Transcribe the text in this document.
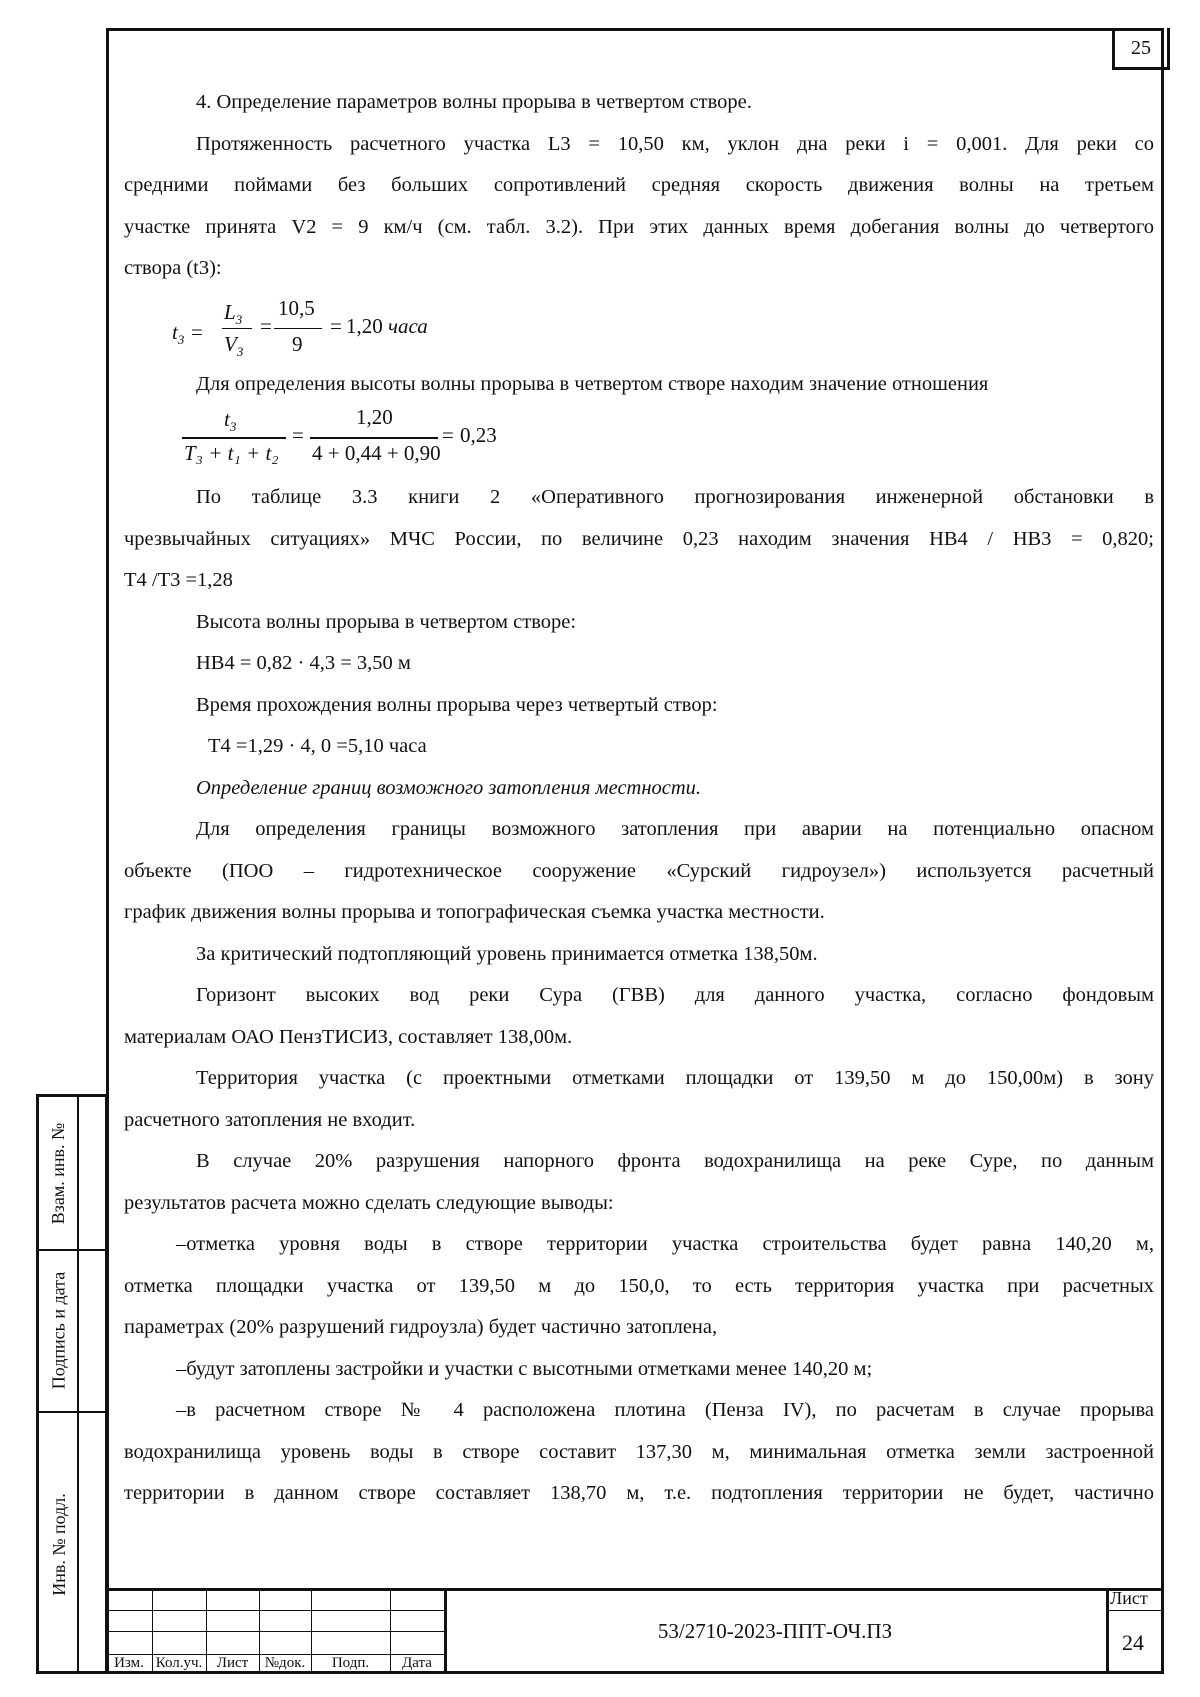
25

4. Определение параметров волны прорыва в четвертом створе.

Протяженность расчетного участка L3 = 10,50 км, уклон дна реки i = 0,001. Для реки со

средними поймами без больших сопротивлений средняя скорость движения волны на третьем

участке принята V2 = 9 км/ч (см. табл. 3.2). При этих данных время добегания волны до четвертого

створа (t3):

$t_3$ =
$L_3$
$V_3$
=
10,5
9
= 1,20 часа

Для определения высоты волны прорыва в четвертом створе находим значение отношения

$t_3$
T₃ + t₁ + t₂
=
1,20
4 + 0,44 + 0,90
= 0,23

По таблице 3.3 книги 2 «Оперативного прогнозирования инженерной обстановки в

чрезвычайных ситуациях» МЧС России, по величине 0,23 находим значения НВ4 / НВ3 = 0,820;

Т4 /Т3 =1,28

Высота волны прорыва в четвертом створе:

НВ4 = 0,82 · 4,3 = 3,50 м

Время прохождения волны прорыва через четвертый створ:

Т4 =1,29 · 4, 0 =5,10 часа

Определение границ возможного затопления местности.

Для определения границы возможного затопления при аварии на потенциально опасном

объекте (ПОО – гидротехническое сооружение «Сурский гидроузел») используется расчетный

график движения волны прорыва и топографическая съемка участка местности.

За критический подтопляющий уровень принимается отметка 138,50м.

Горизонт высоких вод реки Сура (ГВВ) для данного участка, согласно фондовым

материалам ОАО ПензТИСИЗ, составляет 138,00м.

Территория участка (с проектными отметками площадки от 139,50 м до 150,00м) в зону

расчетного затопления не входит.

В случае 20% разрушения напорного фронта водохранилища на реке Суре, по данным

результатов расчета можно сделать следующие выводы:

–отметка уровня воды в створе территории участка строительства будет равна 140,20 м,

отметка площадки участка от 139,50 м до 150,0, то есть территория участка при расчетных

параметрах (20% разрушений гидроузла) будет частично затоплена,

–будут затоплены застройки и участки с высотными отметками менее 140,20 м;

–в расчетном створе № 4 расположена плотина (Пенза IV), по расчетам в случае прорыва

водохранилища уровень воды в створе составит 137,30 м, минимальная отметка земли застроенной

территории в данном створе составляет 138,70 м, т.е. подтопления территории не будет, частично

Взам. инв. №
Подпись и дата
Инв. № подл.
Изм. Кол.уч. Лист	№док.	Подп.	Дата
53/2710-2023-ППТ-ОЧ.ПЗ
Лист
24
